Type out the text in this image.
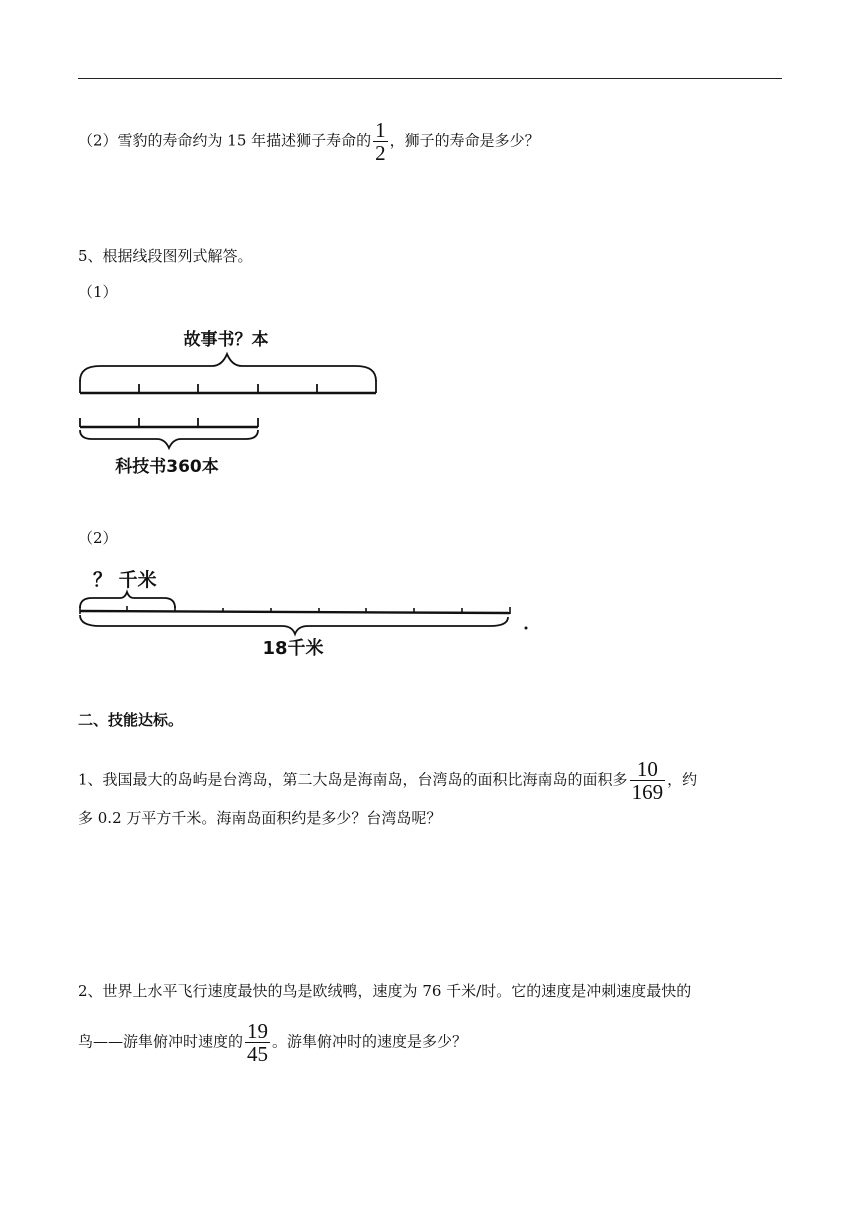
（2）雪豹的寿命约为 15 年描述狮子寿命的 $\frac{1}{2}$ ，狮子的寿命是多少？
5、根据线段图列式解答。
（1）
故事书？本
科技书360本
？ 千米
18千米
（2）
二、技能达标。
1、我国最大的岛屿是台湾岛，第二大岛是海南岛，台湾岛的面积比海南岛的面积多 $\frac{10}{169}$ ，约
多 0.2 万平方千米。海南岛面积约是多少？台湾岛呢？
2、世界上水平飞行速度最快的鸟是欧绒鸭，速度为 76 千米/时。它的速度是冲刺速度最快的
鸟——游隼俯冲时速度的 $\frac{19}{45}$ 。游隼俯冲时的速度是多少？
